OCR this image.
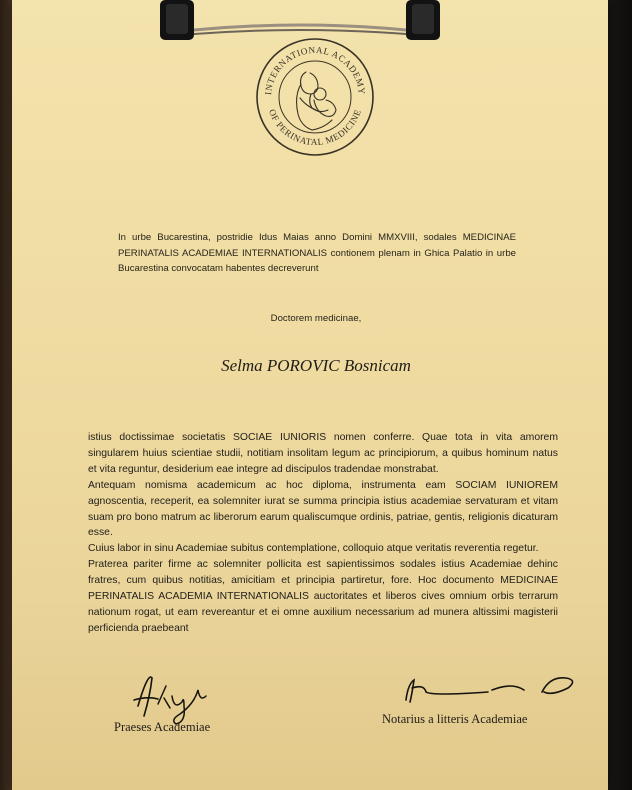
INTERNATIONAL ACADEMY
OF PERINATAL MEDICINE

In urbe Bucarestina, postridie Idus Maias anno Domini MMXVIII, sodales MEDICINAE PERINATALIS ACADEMIAE INTERNATIONALIS contionem plenam in Ghica Palatio in urbe Bucarestina convocatam habentes decreverunt

Doctorem medicinae,
Selma POROVIC Bosnicam

istius doctissimae societatis SOCIAE IUNIORIS nomen conferre. Quae tota in vita amorem singularem huius scientiae studii, notitiam insolitam legum ac principiorum, a quibus hominum natus et vita reguntur, desiderium eae integre ad discipulos tradendae monstrabat.

Antequam nomisma academicum ac hoc diploma, instrumenta eam SOCIAM IUNIOREM agnoscentia, receperit, ea solemniter iurat se summa principia istius academiae servaturam et vitam suam pro bono matrum ac liberorum earum qualiscumque ordinis, patriae, gentis, religionis dicaturam esse.

Cuius labor in sinu Academiae subitus contemplatione, colloquio atque veritatis reverentia regetur.

Praterea pariter firme ac solemniter pollicita est sapientissimos sodales istius Academiae dehinc fratres, cum quibus notitias, amicitiam et principia partiretur, fore. Hoc documento MEDICINAE PERINATALIS ACADEMIA INTERNATIONALIS auctoritates et liberos cives omnium orbis terrarum nationum rogat, ut eam revereantur et ei omne auxilium necessarium ad munera altissimi magisterii perficienda praebeant

Praeses Academiae
Notarius a litteris Academiae
